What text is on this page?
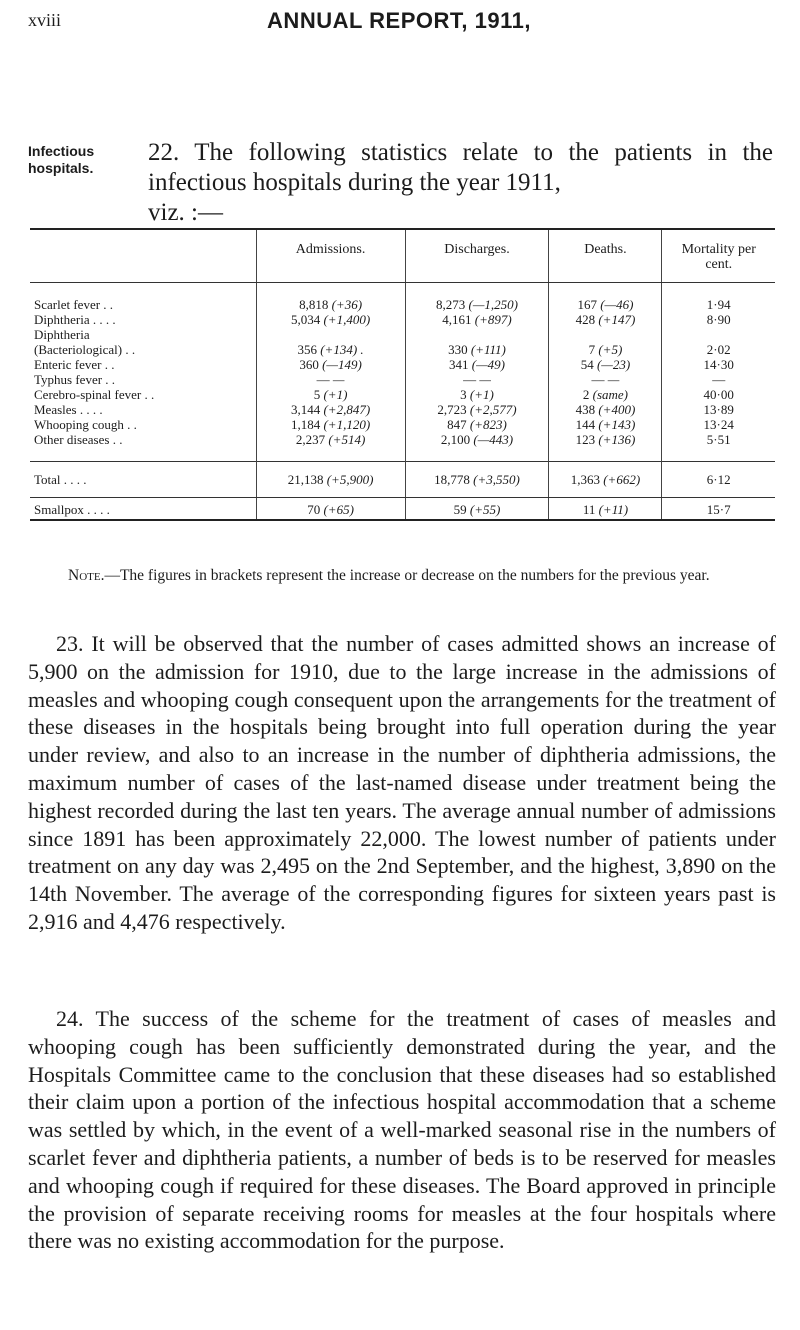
xviii	ANNUAL REPORT, 1911,
Infectious hospitals.
22. The following statistics relate to the patients in the infectious hospitals during the year 1911,
viz. :—
	Admissions.	Discharges.	Deaths.	Mortality per cent.

Scarlet fever . .	8,818 (+36)	8,273 (—1,250)	167 (—46)	1·94
Diphtheria . . . .	5,034 (+1,400)	4,161 (+897)	428 (+147)	8·90
Diphtheria				
(Bacteriological) . .	356 (+134) .	330 (+111)	7 (+5)	2·02
Enteric fever . .	360 (—149)	341 (—49)	54 (—23)	14·30
Typhus fever . .	— —	— —	— —	—
Cerebro-spinal fever . .	5 (+1)	3 (+1)	2 (same)	40·00
Measles . . . .	3,144 (+2,847)	2,723 (+2,577)	438 (+400)	13·89
Whooping cough . .	1,184 (+1,120)	847 (+823)	144 (+143)	13·24
Other diseases . .	2,237 (+514)	2,100 (—443)	123 (+136)	5·51

Total . . . .	21,138 (+5,900)	18,778 (+3,550)	1,363 (+662)	6·12
Smallpox . . . .	70 (+65)	59 (+55)	11 (+11)	15·7
Note.—The figures in brackets represent the increase or decrease on the numbers for the previous year.
23. It will be observed that the number of cases admitted shows an increase of 5,900 on the admission for 1910, due to the large increase in the admissions of measles and whooping cough consequent upon the arrangements for the treatment of these diseases in the hospitals being brought into full operation during the year under review, and also to an increase in the number of diphtheria admissions, the maximum number of cases of the last-named disease under treatment being the highest recorded during the last ten years. The average annual number of admissions since 1891 has been approximately 22,000. The lowest number of patients under treatment on any day was 2,495 on the 2nd September, and the highest, 3,890 on the 14th November. The average of the corresponding figures for sixteen years past is 2,916 and 4,476 respectively.
24. The success of the scheme for the treatment of cases of measles and whooping cough has been sufficiently demonstrated during the year, and the Hospitals Committee came to the conclusion that these diseases had so established their claim upon a portion of the infectious hospital accommodation that a scheme was settled by which, in the event of a well-marked seasonal rise in the numbers of scarlet fever and diphtheria patients, a number of beds is to be reserved for measles and whooping cough if required for these diseases. The Board approved in principle the provision of separate receiving rooms for measles at the four hospitals where there was no existing accommodation for the purpose.
